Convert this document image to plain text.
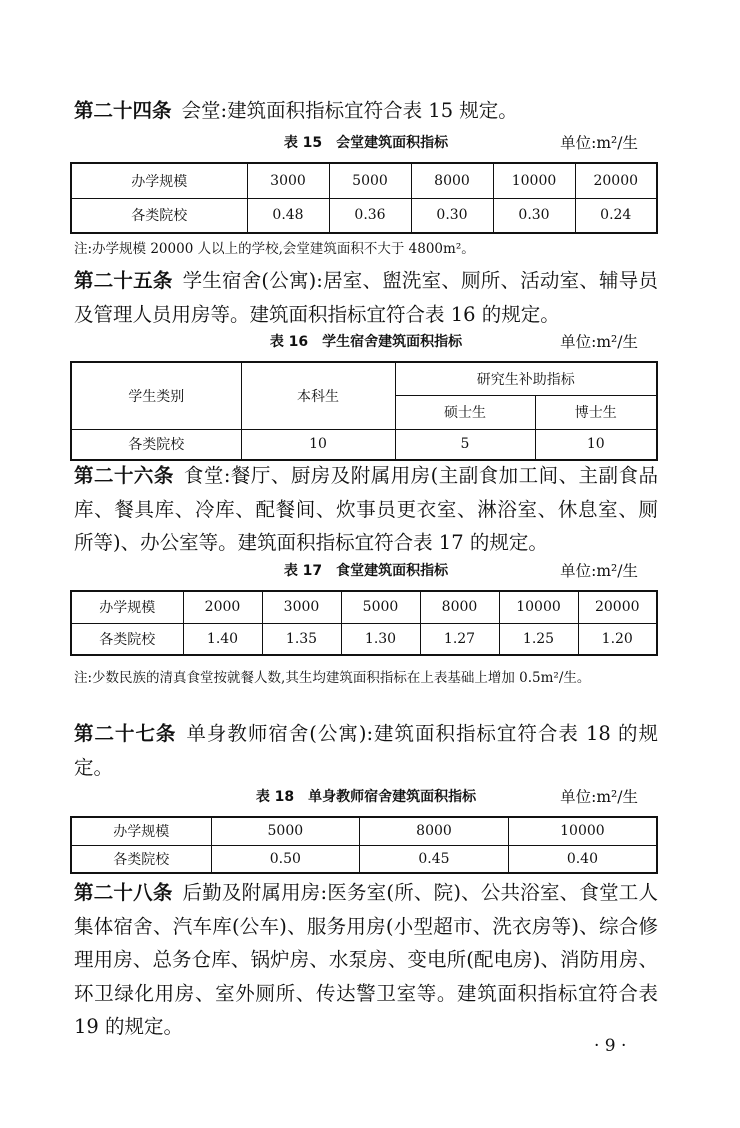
第二十四条 会堂:建筑面积指标宜符合表 15 规定。

表 15　会堂建筑面积指标	单位:m²/生
办学规模	3000	5000	8000	10000	20000
各类院校	0.48	0.36	0.30	0.30	0.24

注:办学规模 20000 人以上的学校,会堂建筑面积不大于 4800m²。

第二十五条 学生宿舍(公寓):居室、盥洗室、厕所、活动室、辅导员及管理人员用房等。建筑面积指标宜符合表 16 的规定。

表 16　学生宿舍建筑面积指标	单位:m²/生
学生类别	本科生	研究生补助指标	
		硕士生	博士生
各类院校	10	5	10

第二十六条 食堂:餐厅、厨房及附属用房(主副食加工间、主副食品库、餐具库、冷库、配餐间、炊事员更衣室、淋浴室、休息室、厕所等)、办公室等。建筑面积指标宜符合表 17 的规定。

表 17　食堂建筑面积指标	单位:m²/生
办学规模	2000	3000	5000	8000	10000	20000
各类院校	1.40	1.35	1.30	1.27	1.25	1.20

注:少数民族的清真食堂按就餐人数,其生均建筑面积指标在上表基础上增加 0.5m²/生。

第二十七条 单身教师宿舍(公寓):建筑面积指标宜符合表 18 的规定。

表 18　单身教师宿舍建筑面积指标	单位:m²/生
办学规模	5000	8000	10000
各类院校	0.50	0.45	0.40

第二十八条 后勤及附属用房:医务室(所、院)、公共浴室、食堂工人集体宿舍、汽车库(公车)、服务用房(小型超市、洗衣房等)、综合修理用房、总务仓库、锅炉房、水泵房、变电所(配电房)、消防用房、环卫绿化用房、室外厕所、传达警卫室等。建筑面积指标宜符合表 19 的规定。

· 9 ·
